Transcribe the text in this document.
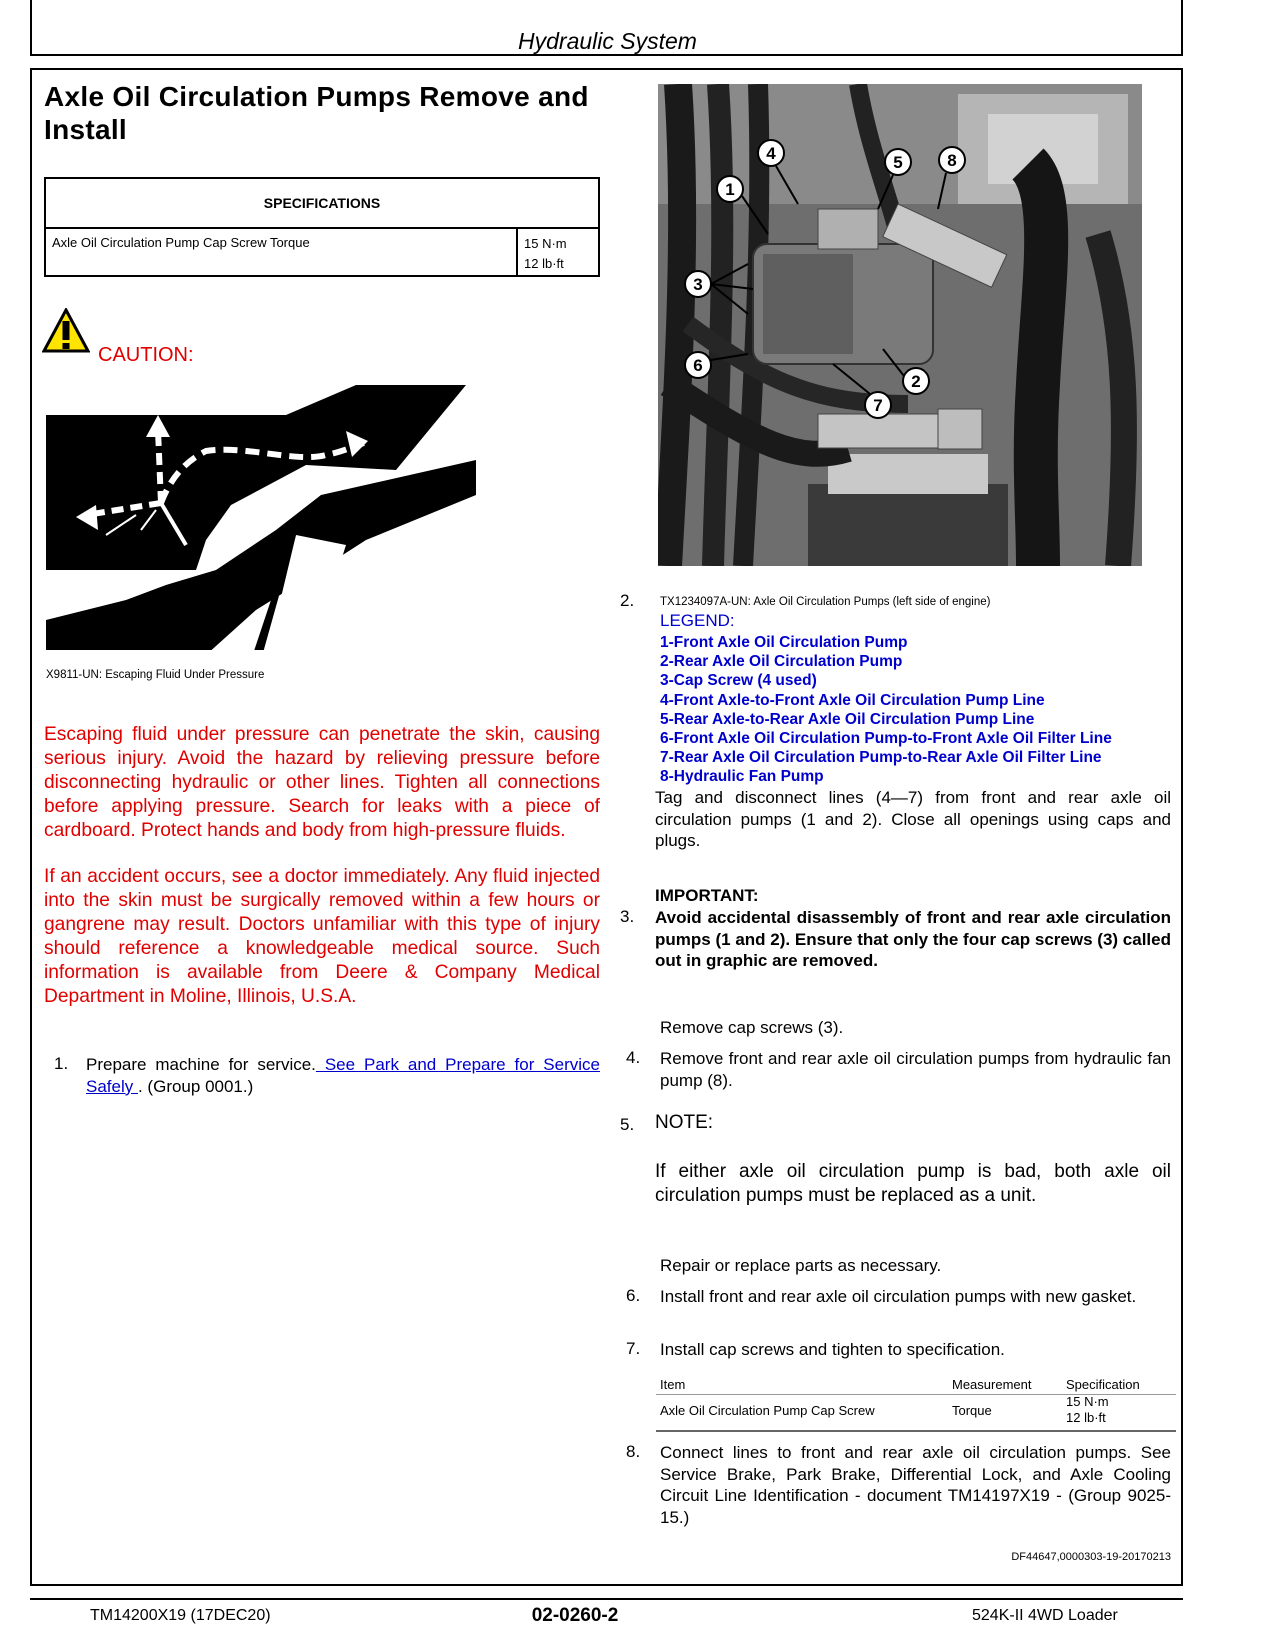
Hydraulic System
Axle Oil Circulation Pumps Remove and Install
SPECIFICATIONS
Axle Oil Circulation Pump Cap Screw Torque	15 N·m
12 lb·ft
CAUTION:
X9811-UN: Escaping Fluid Under Pressure

Escaping fluid under pressure can penetrate the skin, causing serious injury. Avoid the hazard by relieving pressure before disconnecting hydraulic or other lines. Tighten all connections before applying pressure. Search for leaks with a piece of cardboard. Protect hands and body from high-pressure fluids.

If an accident occurs, see a doctor immediately. Any fluid injected into the skin must be surgically removed within a few hours or gangrene may result. Doctors unfamiliar with this type of injury should reference a knowledgeable medical source. Such information is available from Deere & Company Medical Department in Moline, Illinois, U.S.A.

1. Prepare machine for service. See Park and Prepare for Service Safely . (Group 0001.)
1
2
3
4	5
6
7
8
2. TX1234097A-UN: Axle Oil Circulation Pumps (left side of engine)
LEGEND:
1-Front Axle Oil Circulation Pump
2-Rear Axle Oil Circulation Pump
3-Cap Screw (4 used)
4-Front Axle-to-Front Axle Oil Circulation Pump Line
5-Rear Axle-to-Rear Axle Oil Circulation Pump Line
6-Front Axle Oil Circulation Pump-to-Front Axle Oil Filter Line
7-Rear Axle Oil Circulation Pump-to-Rear Axle Oil Filter Line
8-Hydraulic Fan Pump
Tag and disconnect lines (4—7) from front and rear axle oil circulation pumps (1 and 2). Close all openings using caps and plugs.
IMPORTANT:
3. Avoid accidental disassembly of front and rear axle circulation pumps (1 and 2). Ensure that only the four cap screws (3) called out in graphic are removed.
Remove cap screws (3).
4. Remove front and rear axle oil circulation pumps from hydraulic fan pump (8).
5. NOTE:
If either axle oil circulation pump is bad, both axle oil circulation pumps must be replaced as a unit.
Repair or replace parts as necessary.
6. Install front and rear axle oil circulation pumps with new gasket.
7. Install cap screws and tighten to specification.
Item	Measurement	Specification
Axle Oil Circulation Pump Cap Screw	Torque
15 N·m
12 lb·ft
8. Connect lines to front and rear axle oil circulation pumps. See Service Brake, Park Brake, Differential Lock, and Axle Cooling Circuit Line Identification - document TM14197X19 - (Group 9025-15.)
DF44647,0000303-19-20170213
TM14200X19 (17DEC20)	02-0260-2	524K-II 4WD Loader
